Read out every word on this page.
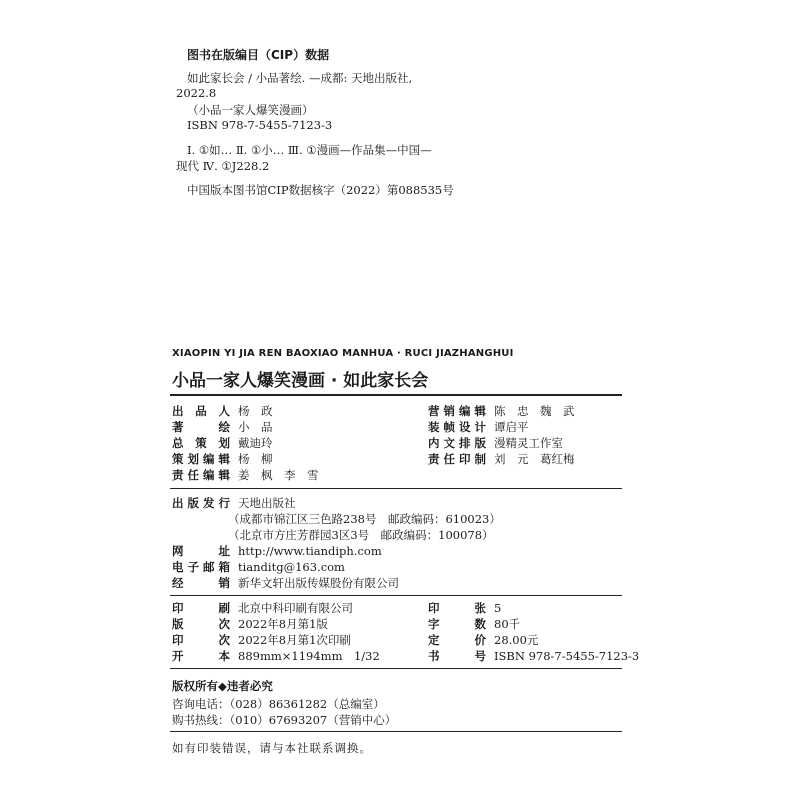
图书在版编目（CIP）数据
如此家长会 / 小品著绘. —成都: 天地出版社,
2022.8
（小品一家人爆笑漫画）
ISBN 978-7-5455-7123-3
Ⅰ. ①如… Ⅱ. ①小… Ⅲ. ①漫画—作品集—中国—
现代 Ⅳ. ①J228.2
中国版本图书馆CIP数据核字（2022）第088535号
XIAOPIN YI JIA REN BAOXIAO MANHUA · RUCI JIAZHANGHUI
小品一家人爆笑漫画 · 如此家长会
出品人 杨　政
著绘 小　品
总策划 戴迪玲
策划编辑 杨　柳
责任编辑 姜　枫　李　雪
营销编辑 陈　忠　魏　武
装帧设计 谭启平
内文排版 漫精灵工作室
责任印制 刘　元　葛红梅
出版发行 天地出版社
（成都市锦江区三色路238号　邮政编码：610023）
（北京市方庄芳群园3区3号　邮政编码：100078）
网址 http://www.tiandiph.com
电子邮箱 tianditg@163.com
经销 新华文轩出版传媒股份有限公司
印刷 北京中科印刷有限公司
版次 2022年8月第1版
印次 2022年8月第1次印刷
开本 889mm×1194mm　1/32
印张 5
字数 80千
定价 28.00元
书号 ISBN 978-7-5455-7123-3
版权所有◆违者必究
咨询电话：（028）86361282（总编室）
购书热线：（010）67693207（营销中心）
如有印装错误，请与本社联系调换。
